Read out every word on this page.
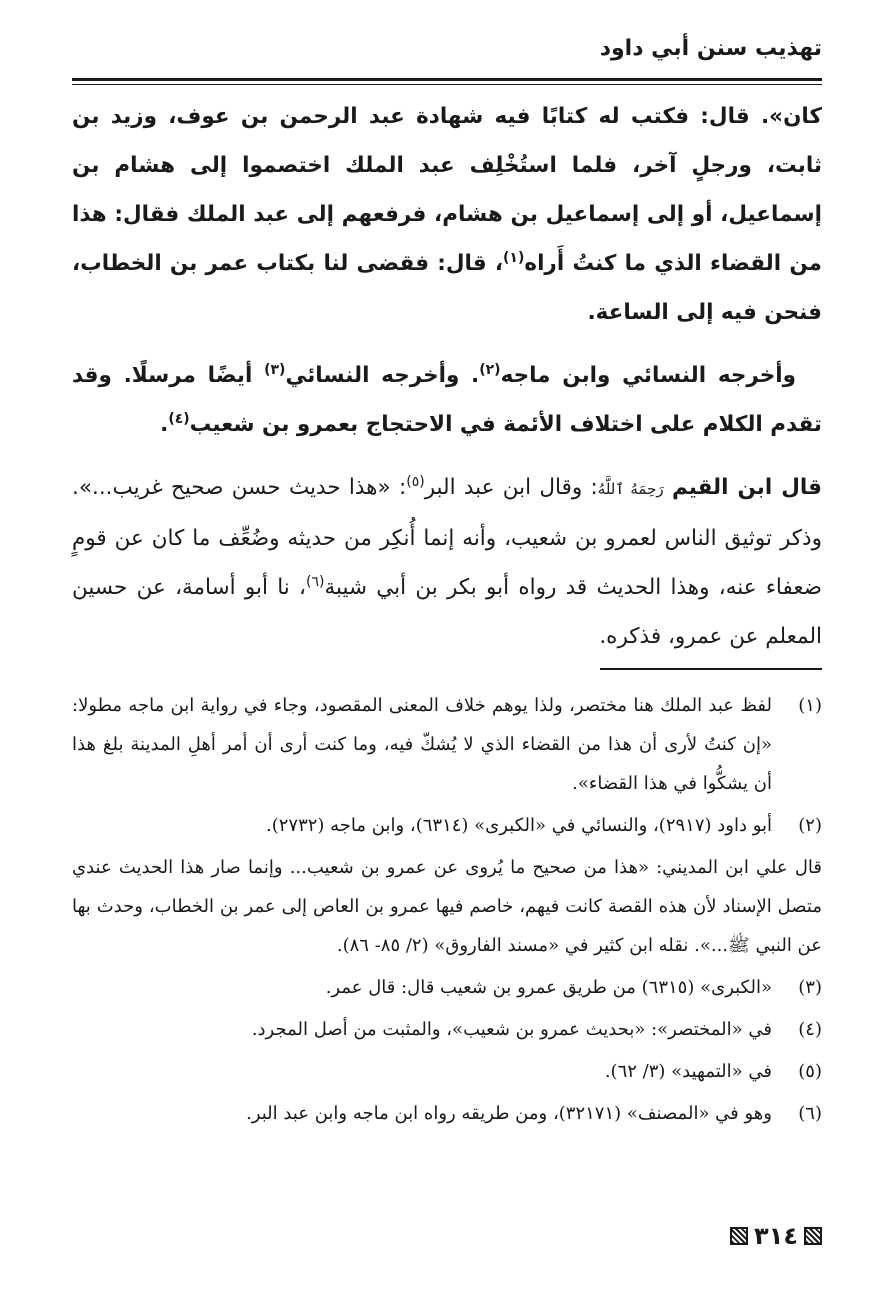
تهذيب سنن أبي داود

كان». قال: فكتب له كتابًا فيه شهادة عبد الرحمن بن عوف، وزيد بن ثابت، ورجلٍ آخر، فلما استُخْلِف عبد الملك اختصموا إلى هشام بن إسماعيل، أو إلى إسماعيل بن هشام، فرفعهم إلى عبد الملك فقال: هذا من القضاء الذي ما كنتُ أَراه$^{(١)}$، قال: فقضى لنا بكتاب عمر بن الخطاب، فنحن فيه إلى الساعة.

وأخرجه النسائي وابن ماجه$^{(٢)}$. وأخرجه النسائي$^{(٣)}$ أيضًا مرسلًا. وقد تقدم الكلام على اختلاف الأئمة في الاحتجاج بعمرو بن شعيب$^{(٤)}$.

قال ابن القيم رَحِمَهُ ٱللَّهُ: وقال ابن عبد البر$^{(٥)}$: «هذا حديث حسن صحيح غريب...». وذكر توثيق الناس لعمرو بن شعيب، وأنه إنما أُنكِر من حديثه وضُعِّف ما كان عن قومٍ ضعفاء عنه، وهذا الحديث قد رواه أبو بكر بن أبي شيبة$^{(٦)}$، نا أبو أسامة، عن حسين المعلم عن عمرو، فذكره.

(١)
لفظ عبد الملك هنا مختصر، ولذا يوهم خلاف المعنى المقصود، وجاء في رواية ابن ماجه مطولا: «إن كنتُ لأرى أن هذا من القضاء الذي لا يُشكّ فيه، وما كنت أرى أن أمر أهلِ المدينة بلغ هذا أن يشكُّوا في هذا القضاء».
(٢)
أبو داود (٢٩١٧)، والنسائي في «الكبرى» (٦٣١٤)، وابن ماجه (٢٧٣٢).
قال علي ابن المديني: «هذا من صحيح ما يُروى عن عمرو بن شعيب... وإنما صار هذا الحديث عندي متصل الإسناد لأن هذه القصة كانت فيهم، خاصم فيها عمرو بن العاص إلى عمر بن الخطاب، وحدث بها عن النبي ﷺ...». نقله ابن كثير في «مسند الفاروق» (٢/ ٨٥- ٨٦).
(٣)
«الكبرى» (٦٣١٥) من طريق عمرو بن شعيب قال: قال عمر.
(٤)
في «المختصر»: «بحديث عمرو بن شعيب»، والمثبت من أصل المجرد.
(٥)
في «التمهيد» (٣/ ٦٢).
(٦)
وهو في «المصنف» (٣٢١٧١)، ومن طريقه رواه ابن ماجه وابن عبد البر.
٣١٤
